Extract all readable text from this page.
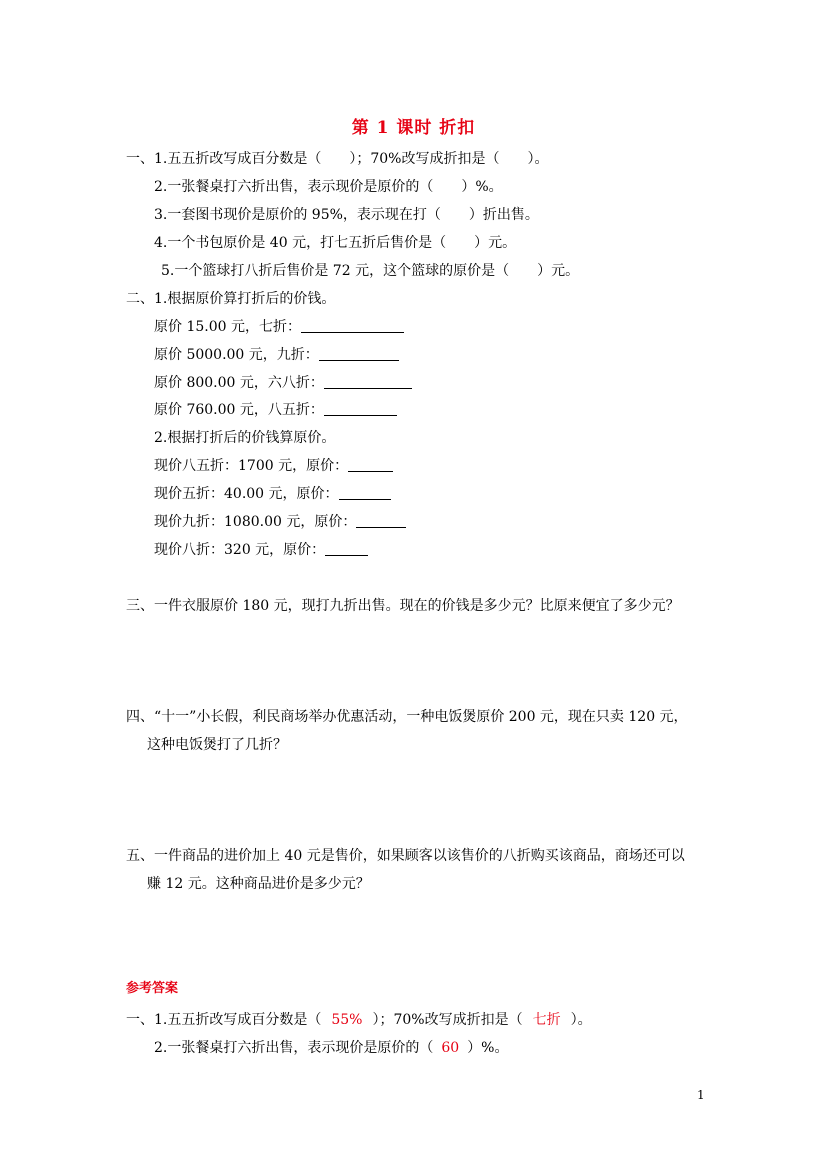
第 1 课时 折扣
一、1.五五折改写成百分数是（　　）；70%改写成折扣是（　　）。
2.一张餐桌打六折出售，表示现价是原价的（　　）%。
3.一套图书现价是原价的 95%，表示现在打（　　）折出售。
4.一个书包原价是 40 元，打七五折后售价是（　　）元。
5.一个篮球打八折后售价是 72 元，这个篮球的原价是（　　）元。
二、1.根据原价算打折后的价钱。
原价 15.00 元，七折：
原价 5000.00 元，九折：
原价 800.00 元，六八折：
原价 760.00 元，八五折：
2.根据打折后的价钱算原价。
现价八五折：1700 元，原价：
现价五折：40.00 元，原价：
现价九折：1080.00 元，原价：
现价八折：320 元，原价：
三、一件衣服原价 180 元，现打九折出售。现在的价钱是多少元？比原来便宜了多少元？
四、“十一”小长假，利民商场举办优惠活动，一种电饭煲原价 200 元，现在只卖 120 元，
这种电饭煲打了几折？
五、一件商品的进价加上 40 元是售价，如果顾客以该售价的八折购买该商品，商场还可以
赚 12 元。这种商品进价是多少元？
参考答案
一、1.五五折改写成百分数是（ 55% ）；70%改写成折扣是（ 七折 ）。
2.一张餐桌打六折出售，表示现价是原价的（ 60 ）%。
1
